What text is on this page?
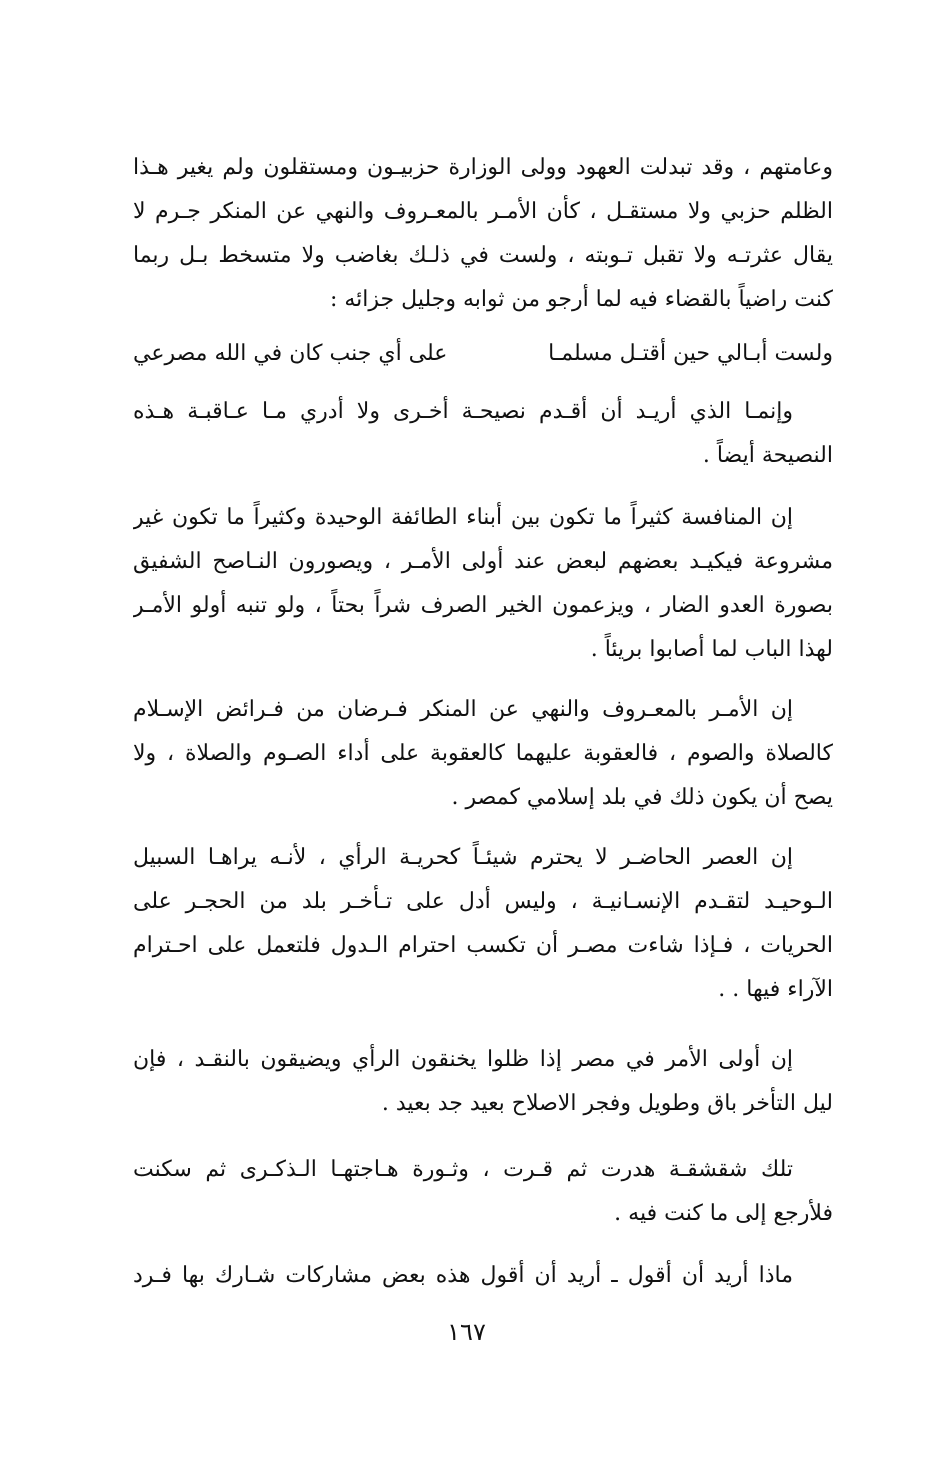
وعامتهم ، وقد تبدلت العهود وولى الوزارة حزبيـون ومستقلون ولم يغير هـذا
الظلم حزبي ولا مستقـل ، كأن الأمـر بالمعـروف والنهي عن المنكر جـرم لا
يقال عثرتـه ولا تقبل تـوبته ، ولست في ذلـك بغاضب ولا متسخط بـل ربما
كنت راضياً بالقضاء فيه لما أرجو من ثوابه وجليل جزائه :
ولست أبـالي حين أقتـل مسلمـا
على أي جنب كان في الله مصرعي
وإنمـا الذي أريـد أن أقـدم نصيحـة أخـرى ولا أدري مـا عـاقبـة هـذه
النصيحة أيضاً .
إن المنافسة كثيراً ما تكون بين أبناء الطائفة الوحيدة وكثيراً ما تكون غير
مشروعة فيكيـد بعضهم لبعض عند أولى الأمـر ، ويصورون النـاصح الشفيق
بصورة العدو الضار ، ويزعمون الخير الصرف شراً بحتاً ، ولو تنبه أولو الأمـر
لهذا الباب لما أصابوا بريئاً .
إن الأمـر بالمعـروف والنهي عن المنكر فـرضان من فـرائض الإسـلام
كالصلاة والصوم ، فالعقوبة عليهما كالعقوبة على أداء الصـوم والصلاة ، ولا
يصح أن يكون ذلك في بلد إسلامي كمصر .
إن العصر الحاضـر لا يحترم شيئـاً كحريـة الرأي ، لأنـه يراهـا السبيل
الـوحيـد لتقـدم الإنسـانيـة ، وليس أدل على تـأخـر بلد من الحجـر على
الحريات ، فـإذا شاءت مصـر أن تكسب احترام الـدول فلتعمل على احـترام
الآراء فيها . .
إن أولى الأمر في مصر إذا ظلوا يخنقون الرأي ويضيقون بالنقـد ، فإن
ليل التأخر باق وطويل وفجر الاصلاح بعيد جد بعيد .
تلك شقشقـة هدرت ثم قـرت ، وثـورة هـاجتهـا الـذكـرى ثم سكنت
فلأرجع إلى ما كنت فيه .
ماذا أريد أن أقول ـ أريد أن أقول هذه بعض مشاركات شـارك بها فـرد
١٦٧
